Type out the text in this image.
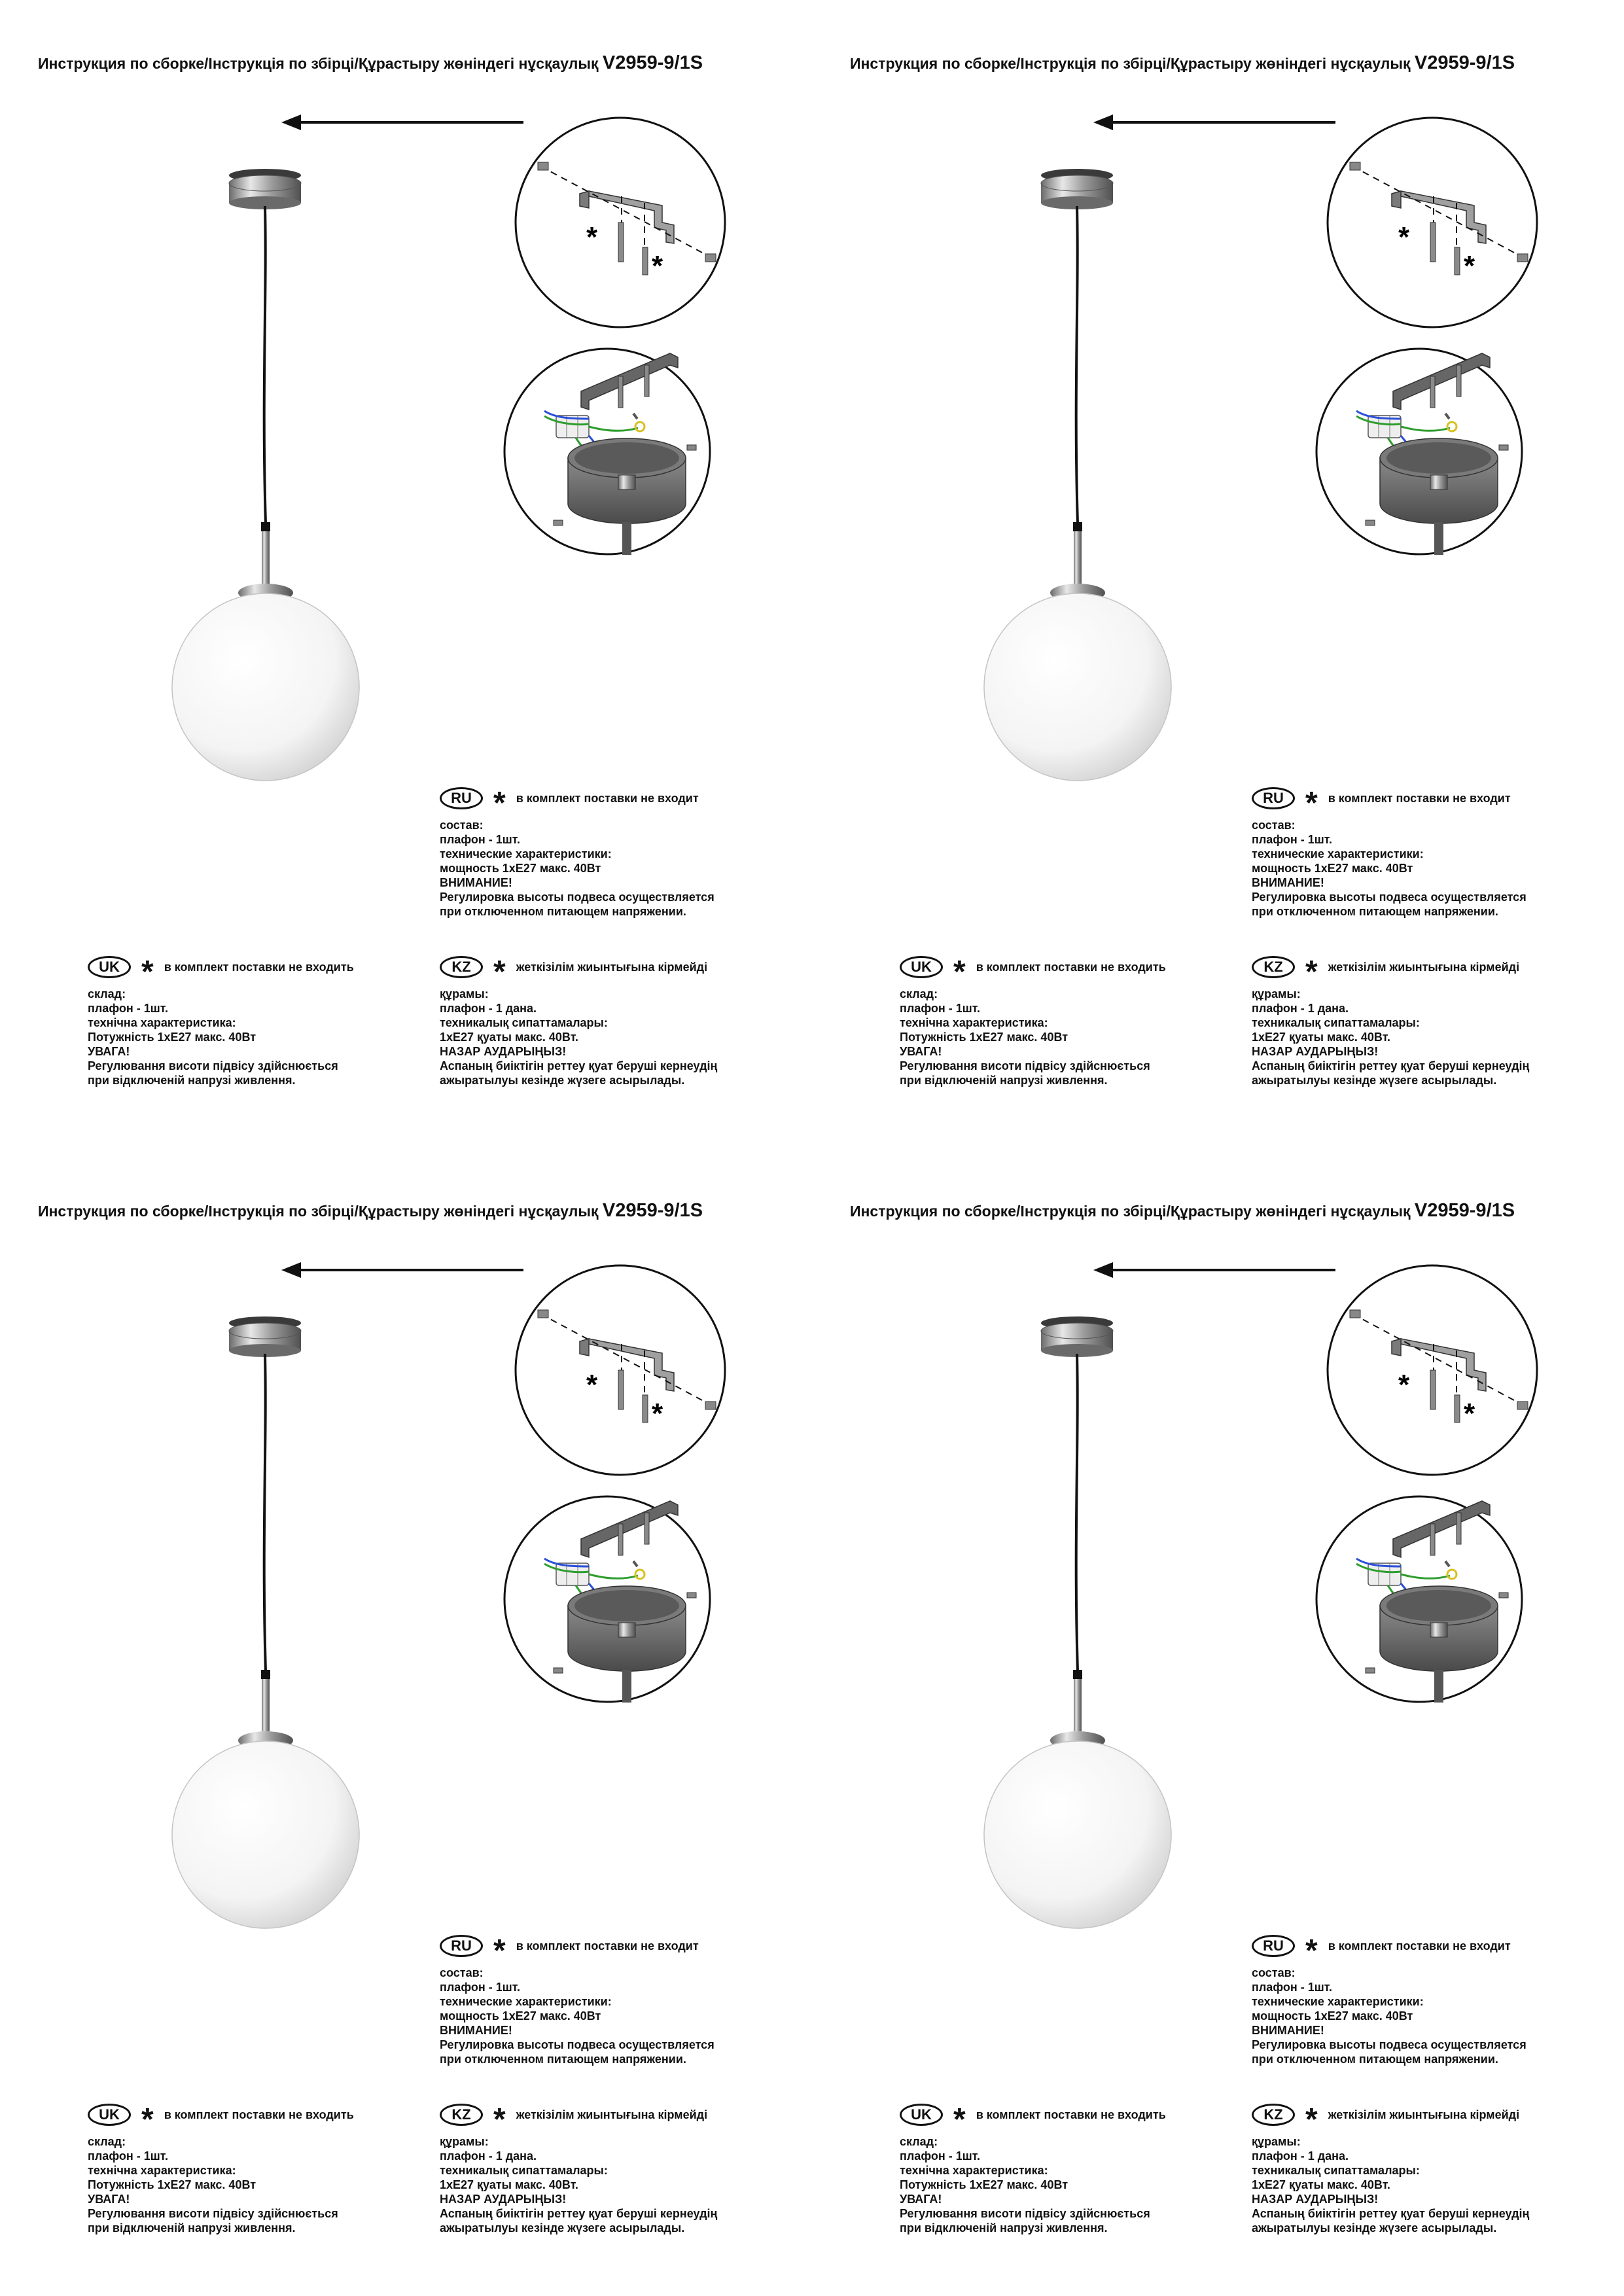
Инструкция по сборке/Інструкція по збірці/Құрастыру жөніндегі нұсқаулық V2959-9/1S
*
*
RU * в комплект поставки не входит
состав:
плафон - 1шт.
технические характеристики:
мощность 1xE27 макс. 40Вт
ВНИМАНИЕ!
Регулировка высоты подвеса осуществляется
при отключенном питающем напряжении.
UK * в комплект поставки не входить
склад:
плафон - 1шт.
технічна характеристика:
Потужність 1xE27 макс. 40Вт
УВАГА!
Регулювання висоти підвісу здійснюється
при відключеній напрузі живлення.
KZ * жеткізілім жиынтығына кірмейді
құрамы:
плафон - 1 дана.
техникалық сипаттамалары:
1xE27 қуаты макс. 40Вт.
НАЗАР АУДАРЫҢЫЗ!
Аспаның биіктігін реттеу қуат беруші кернеудің
ажыратылуы кезінде жүзеге асырылады.
Инструкция по сборке/Інструкція по збірці/Құрастыру жөніндегі нұсқаулық V2959-9/1S
*
*
RU * в комплект поставки не входит
состав:
плафон - 1шт.
технические характеристики:
мощность 1xE27 макс. 40Вт
ВНИМАНИЕ!
Регулировка высоты подвеса осуществляется
при отключенном питающем напряжении.
UK * в комплект поставки не входить
склад:
плафон - 1шт.
технічна характеристика:
Потужність 1xE27 макс. 40Вт
УВАГА!
Регулювання висоти підвісу здійснюється
при відключеній напрузі живлення.
KZ * жеткізілім жиынтығына кірмейді
құрамы:
плафон - 1 дана.
техникалық сипаттамалары:
1xE27 қуаты макс. 40Вт.
НАЗАР АУДАРЫҢЫЗ!
Аспаның биіктігін реттеу қуат беруші кернеудің
ажыратылуы кезінде жүзеге асырылады.
Инструкция по сборке/Інструкція по збірці/Құрастыру жөніндегі нұсқаулық V2959-9/1S
*
*
RU * в комплект поставки не входит
состав:
плафон - 1шт.
технические характеристики:
мощность 1xE27 макс. 40Вт
ВНИМАНИЕ!
Регулировка высоты подвеса осуществляется
при отключенном питающем напряжении.
UK * в комплект поставки не входить
склад:
плафон - 1шт.
технічна характеристика:
Потужність 1xE27 макс. 40Вт
УВАГА!
Регулювання висоти підвісу здійснюється
при відключеній напрузі живлення.
KZ * жеткізілім жиынтығына кірмейді
құрамы:
плафон - 1 дана.
техникалық сипаттамалары:
1xE27 қуаты макс. 40Вт.
НАЗАР АУДАРЫҢЫЗ!
Аспаның биіктігін реттеу қуат беруші кернеудің
ажыратылуы кезінде жүзеге асырылады.
Инструкция по сборке/Інструкція по збірці/Құрастыру жөніндегі нұсқаулық V2959-9/1S
*
*
RU * в комплект поставки не входит
состав:
плафон - 1шт.
технические характеристики:
мощность 1xE27 макс. 40Вт
ВНИМАНИЕ!
Регулировка высоты подвеса осуществляется
при отключенном питающем напряжении.
UK * в комплект поставки не входить
склад:
плафон - 1шт.
технічна характеристика:
Потужність 1xE27 макс. 40Вт
УВАГА!
Регулювання висоти підвісу здійснюється
при відключеній напрузі живлення.
KZ * жеткізілім жиынтығына кірмейді
құрамы:
плафон - 1 дана.
техникалық сипаттамалары:
1xE27 қуаты макс. 40Вт.
НАЗАР АУДАРЫҢЫЗ!
Аспаның биіктігін реттеу қуат беруші кернеудің
ажыратылуы кезінде жүзеге асырылады.
